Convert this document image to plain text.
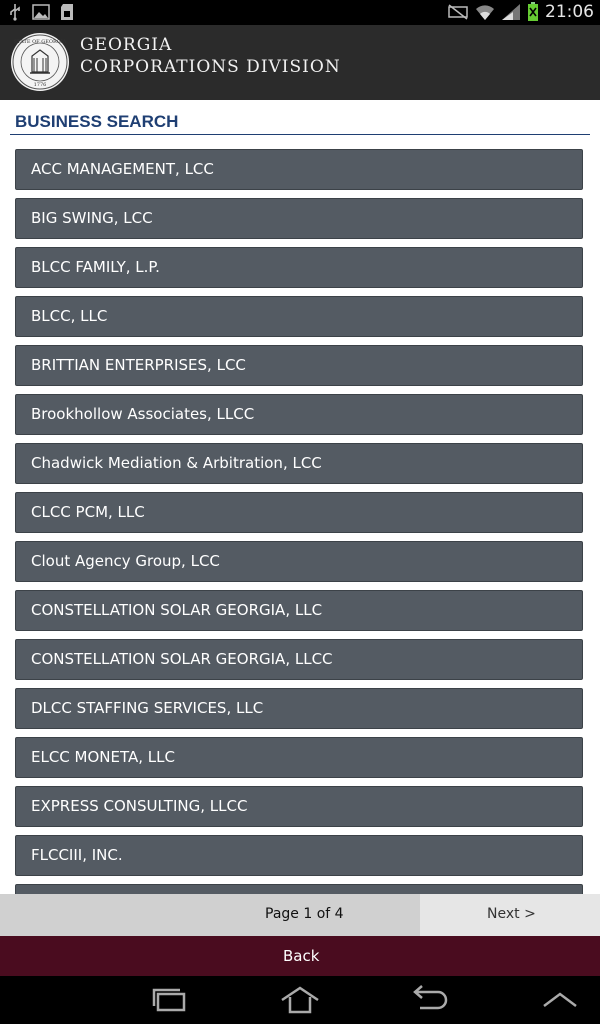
21:06
STATE OF GEORGIA
1776
GEORGIA
CORPORATIONS DIVISION
BUSINESS SEARCH
ACC MANAGEMENT, LCC
BIG SWING, LCC
BLCC FAMILY, L.P.
BLCC, LLC
BRITTIAN ENTERPRISES, LCC
Brookhollow Associates, LLCC
Chadwick Mediation & Arbitration, LCC
CLCC PCM, LLC
Clout Agency Group, LCC
CONSTELLATION SOLAR GEORGIA, LLC
CONSTELLATION SOLAR GEORGIA, LLCC
DLCC STAFFING SERVICES, LLC
ELCC MONETA, LLC
EXPRESS CONSULTING, LLCC
FLCCIII, INC.
Page 1 of 4	Next >
Back
